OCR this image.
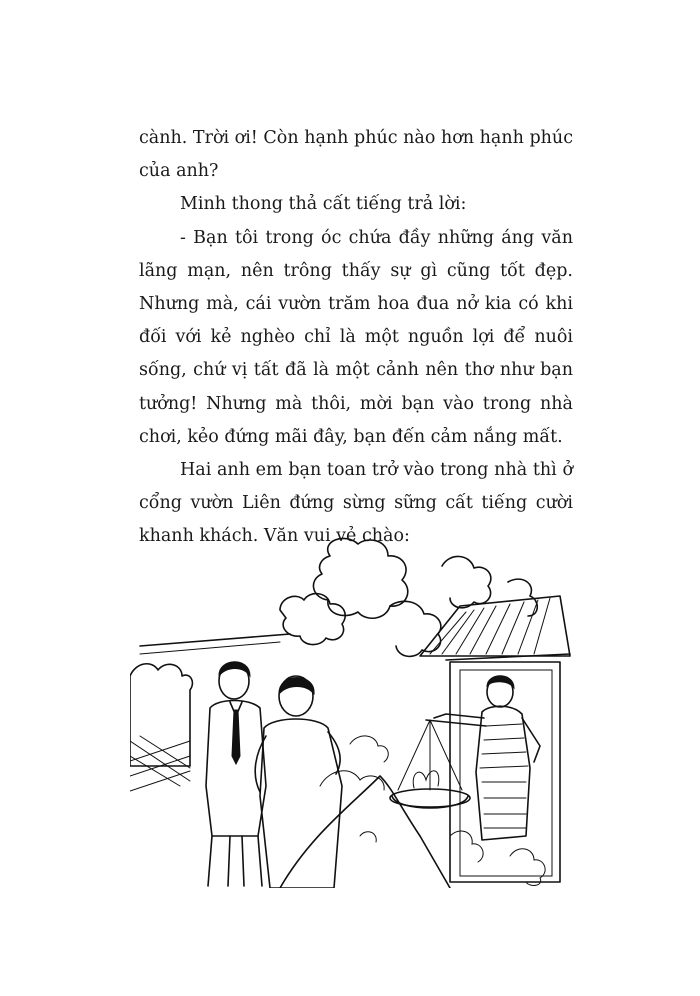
cành. Trời ơi! Còn hạnh phúc nào hơn hạnh phúc của anh?

Minh thong thả cất tiếng trả lời:

- Bạn tôi trong óc chứa đầy những áng văn lãng mạn, nên trông thấy sự gì cũng tốt đẹp. Nhưng mà, cái vườn trăm hoa đua nở kia có khi đối với kẻ nghèo chỉ là một nguồn lợi để nuôi sống, chứ vị tất đã là một cảnh nên thơ như bạn tưởng! Nhưng mà thôi, mời bạn vào trong nhà chơi, kẻo đứng mãi đây, bạn đến cảm nắng mất.

Hai anh em bạn toan trở vào trong nhà thì ở cổng vườn Liên đứng sừng sững cất tiếng cười khanh khách. Văn vui vẻ chào:
